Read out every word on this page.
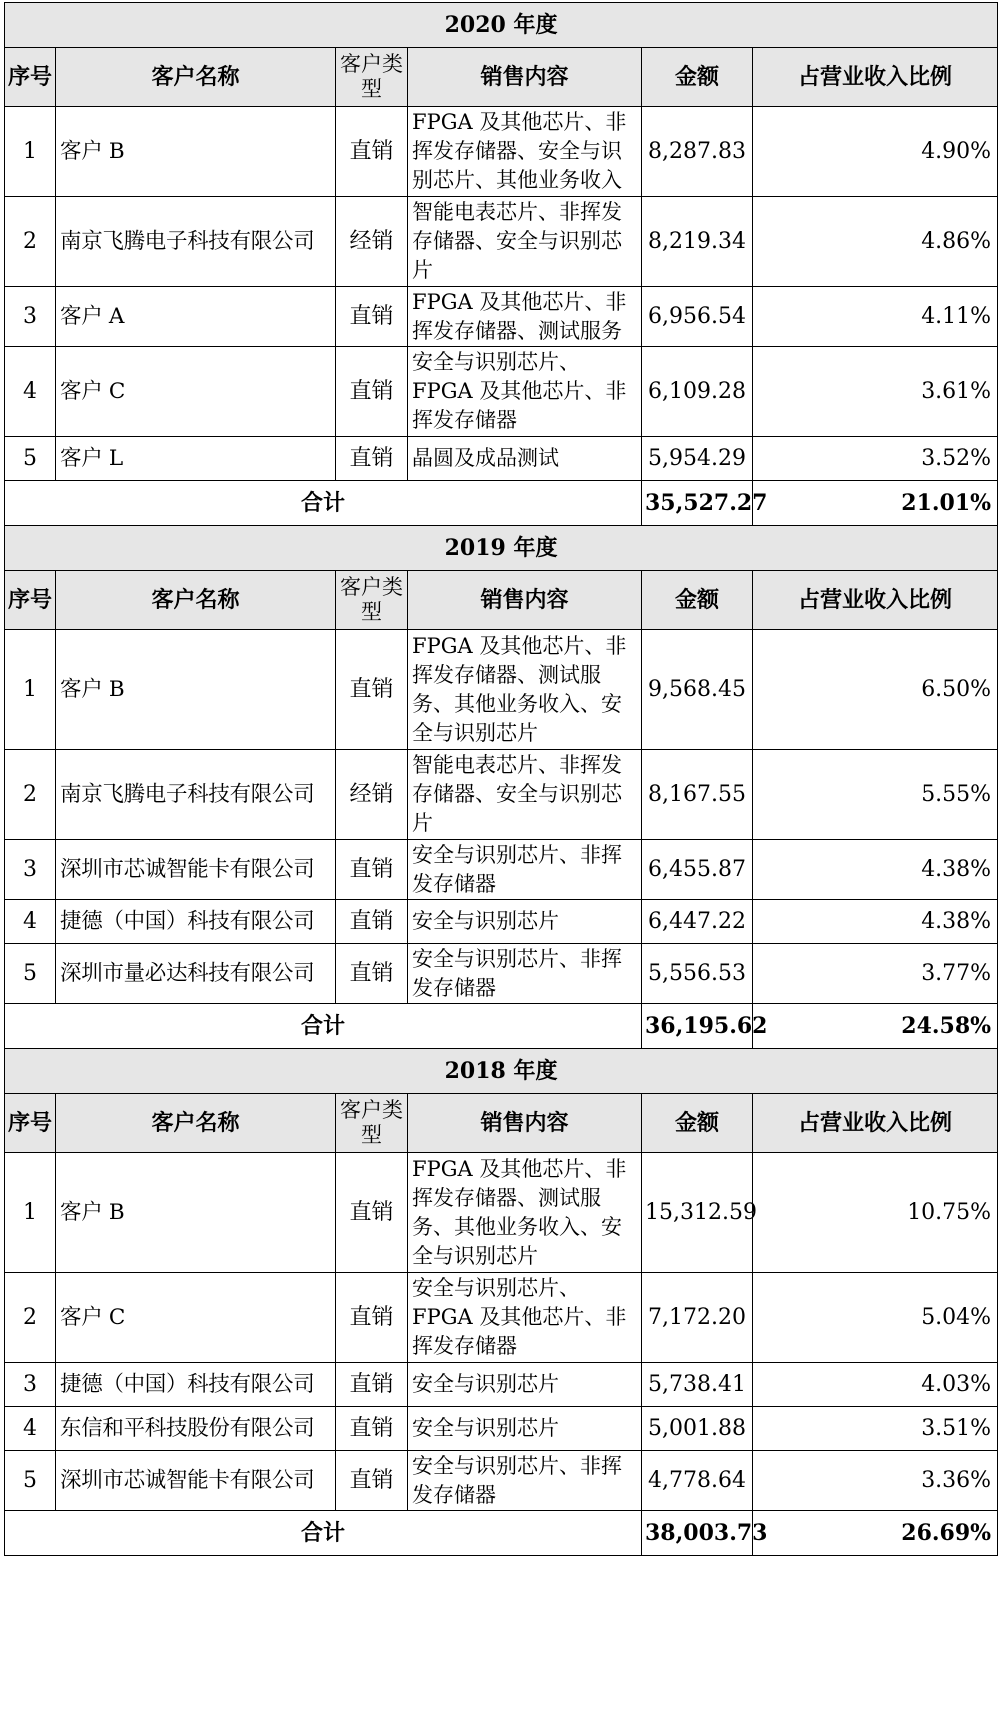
2020 年度					
序号	客户名称	客户类型	销售内容	金额	占营业收入比例
1	客户 B	直销	FPGA 及其他芯片、非挥发存储器、安全与识别芯片、其他业务收入	8,287.83	4.90%
2	南京飞腾电子科技有限公司	经销	智能电表芯片、非挥发存储器、安全与识别芯片	8,219.34	4.86%
3	客户 A	直销	FPGA 及其他芯片、非挥发存储器、测试服务	6,956.54	4.11%
4	客户 C	直销	安全与识别芯片、FPGA 及其他芯片、非挥发存储器	6,109.28	3.61%
5	客户 L	直销	晶圆及成品测试	5,954.29	3.52%
合计				35,527.27	21.01%
2019 年度					
序号	客户名称	客户类型	销售内容	金额	占营业收入比例
1	客户 B	直销	FPGA 及其他芯片、非挥发存储器、测试服务、其他业务收入、安全与识别芯片	9,568.45	6.50%
2	南京飞腾电子科技有限公司	经销	智能电表芯片、非挥发存储器、安全与识别芯片	8,167.55	5.55%
3	深圳市芯诚智能卡有限公司	直销	安全与识别芯片、非挥发存储器	6,455.87	4.38%
4	捷德（中国）科技有限公司	直销	安全与识别芯片	6,447.22	4.38%
5	深圳市量必达科技有限公司	直销	安全与识别芯片、非挥发存储器	5,556.53	3.77%
合计				36,195.62	24.58%
2018 年度					
序号	客户名称	客户类型	销售内容	金额	占营业收入比例
1	客户 B	直销	FPGA 及其他芯片、非挥发存储器、测试服务、其他业务收入、安全与识别芯片	15,312.59	10.75%
2	客户 C	直销	安全与识别芯片、FPGA 及其他芯片、非挥发存储器	7,172.20	5.04%
3	捷德（中国）科技有限公司	直销	安全与识别芯片	5,738.41	4.03%
4	东信和平科技股份有限公司	直销	安全与识别芯片	5,001.88	3.51%
5	深圳市芯诚智能卡有限公司	直销	安全与识别芯片、非挥发存储器	4,778.64	3.36%
合计				38,003.73	26.69%
